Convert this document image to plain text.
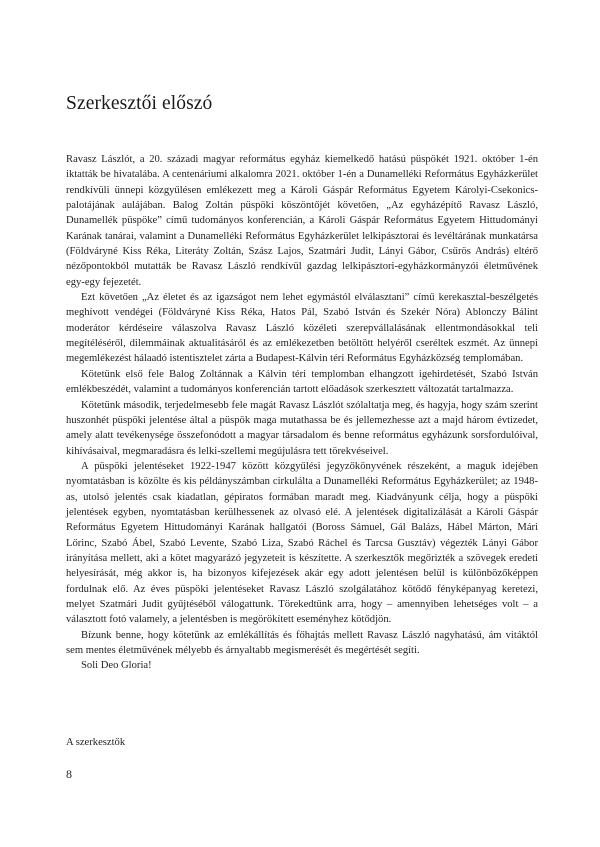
Szerkesztői előszó

Ravasz Lászlót, a 20. századi magyar református egyház kiemelkedő hatású püspökét 1921. október 1-én iktatták be hivatalába. A centenáriumi alkalomra 2021. október 1-én a Dunamelléki Református Egyházkerület rendkívüli ünnepi közgyűlésen emlékezett meg a Károli Gáspár Református Egyetem Károlyi-Csekonics-palotájának aulájában. Balog Zoltán püspöki köszöntőjét követően, „Az egyházépítő Ravasz László, Dunamellék püspöke” című tudományos konferencián, a Károli Gáspár Református Egyetem Hittudományi Karának tanárai, valamint a Dunamelléki Református Egyházkerület lelkipásztorai és levéltárának munkatársa (Földváryné Kiss Réka, Literáty Zoltán, Szász Lajos, Szatmári Judit, Lányi Gábor, Csűrös András) eltérő nézőpontokból mutatták be Ravasz László rendkívül gazdag lelkipásztori-egyházkormányzói életművének egy-egy fejezetét.

Ezt követően „Az életet és az igazságot nem lehet egymástól elválasztani” című kerekasztal-beszélgetés meghívott vendégei (Földváryné Kiss Réka, Hatos Pál, Szabó István és Szekér Nóra) Ablonczy Bálint moderátor kérdéseire válaszolva Ravasz László közéleti szerepvállalásának ellentmondásokkal teli megítéléséről, dilemmáinak aktualitásáról és az emlékezetben betöltött helyéről cseréltek eszmét. Az ünnepi megemlékezést hálaadó istentisztelet zárta a Budapest-Kálvin téri Református Egyházközség templomában.

Kötetünk első fele Balog Zoltánnak a Kálvin téri templomban elhangzott igehirdetését, Szabó István emlékbeszédét, valamint a tudományos konferencián tartott előadások szerkesztett változatát tartalmazza.

Kötetünk második, terjedelmesebb fele magát Ravasz Lászlót szólaltatja meg, és hagyja, hogy szám szerint huszonhét püspöki jelentése által a püspök maga mutathassa be és jellemezhesse azt a majd három évtizedet, amely alatt tevékenysége összefonódott a magyar társadalom és benne református egyházunk sorsfordulóival, kihívásaival, megmaradásra és lelki-szellemi megújulásra tett törekvéseivel.

A püspöki jelentéseket 1922-1947 között közgyűlési jegyzőkönyvének részeként, a maguk idejében nyomtatásban is közölte és kis példányszámban cirkulálta a Dunamelléki Református Egyházkerület; az 1948-as, utolsó jelentés csak kiadatlan, gépiratos formában maradt meg. Kiadványunk célja, hogy a püspöki jelentések egyben, nyomtatásban kerülhessenek az olvasó elé. A jelentések digitalizálását a Károli Gáspár Református Egyetem Hittudományi Karának hallgatói (Boross Sámuel, Gál Balázs, Hábel Márton, Mári Lőrinc, Szabó Ábel, Szabó Levente, Szabó Liza, Szabó Ráchel és Tarcsa Gusztáv) végezték Lányi Gábor irányítása mellett, aki a kötet magyarázó jegyzeteit is készítette. A szerkesztők megőrizték a szövegek eredeti helyesírását, még akkor is, ha bizonyos kifejezések akár egy adott jelentésen belül is különbözőképpen fordulnak elő. Az éves püspöki jelentéseket Ravasz László szolgálatához kötődő fényképanyag keretezi, melyet Szatmári Judit gyűjtéséből válogattunk. Törekedtünk arra, hogy – amennyiben lehetséges volt – a választott fotó valamely, a jelentésben is megörökített eseményhez kötődjön.

Bízunk benne, hogy kötetünk az emlékállítás és főhajtás mellett Ravasz László nagyhatású, ám vitáktól sem mentes életművének mélyebb és árnyaltabb megismerését és megértését segíti.

Soli Deo Gloria!

A szerkesztők
8
